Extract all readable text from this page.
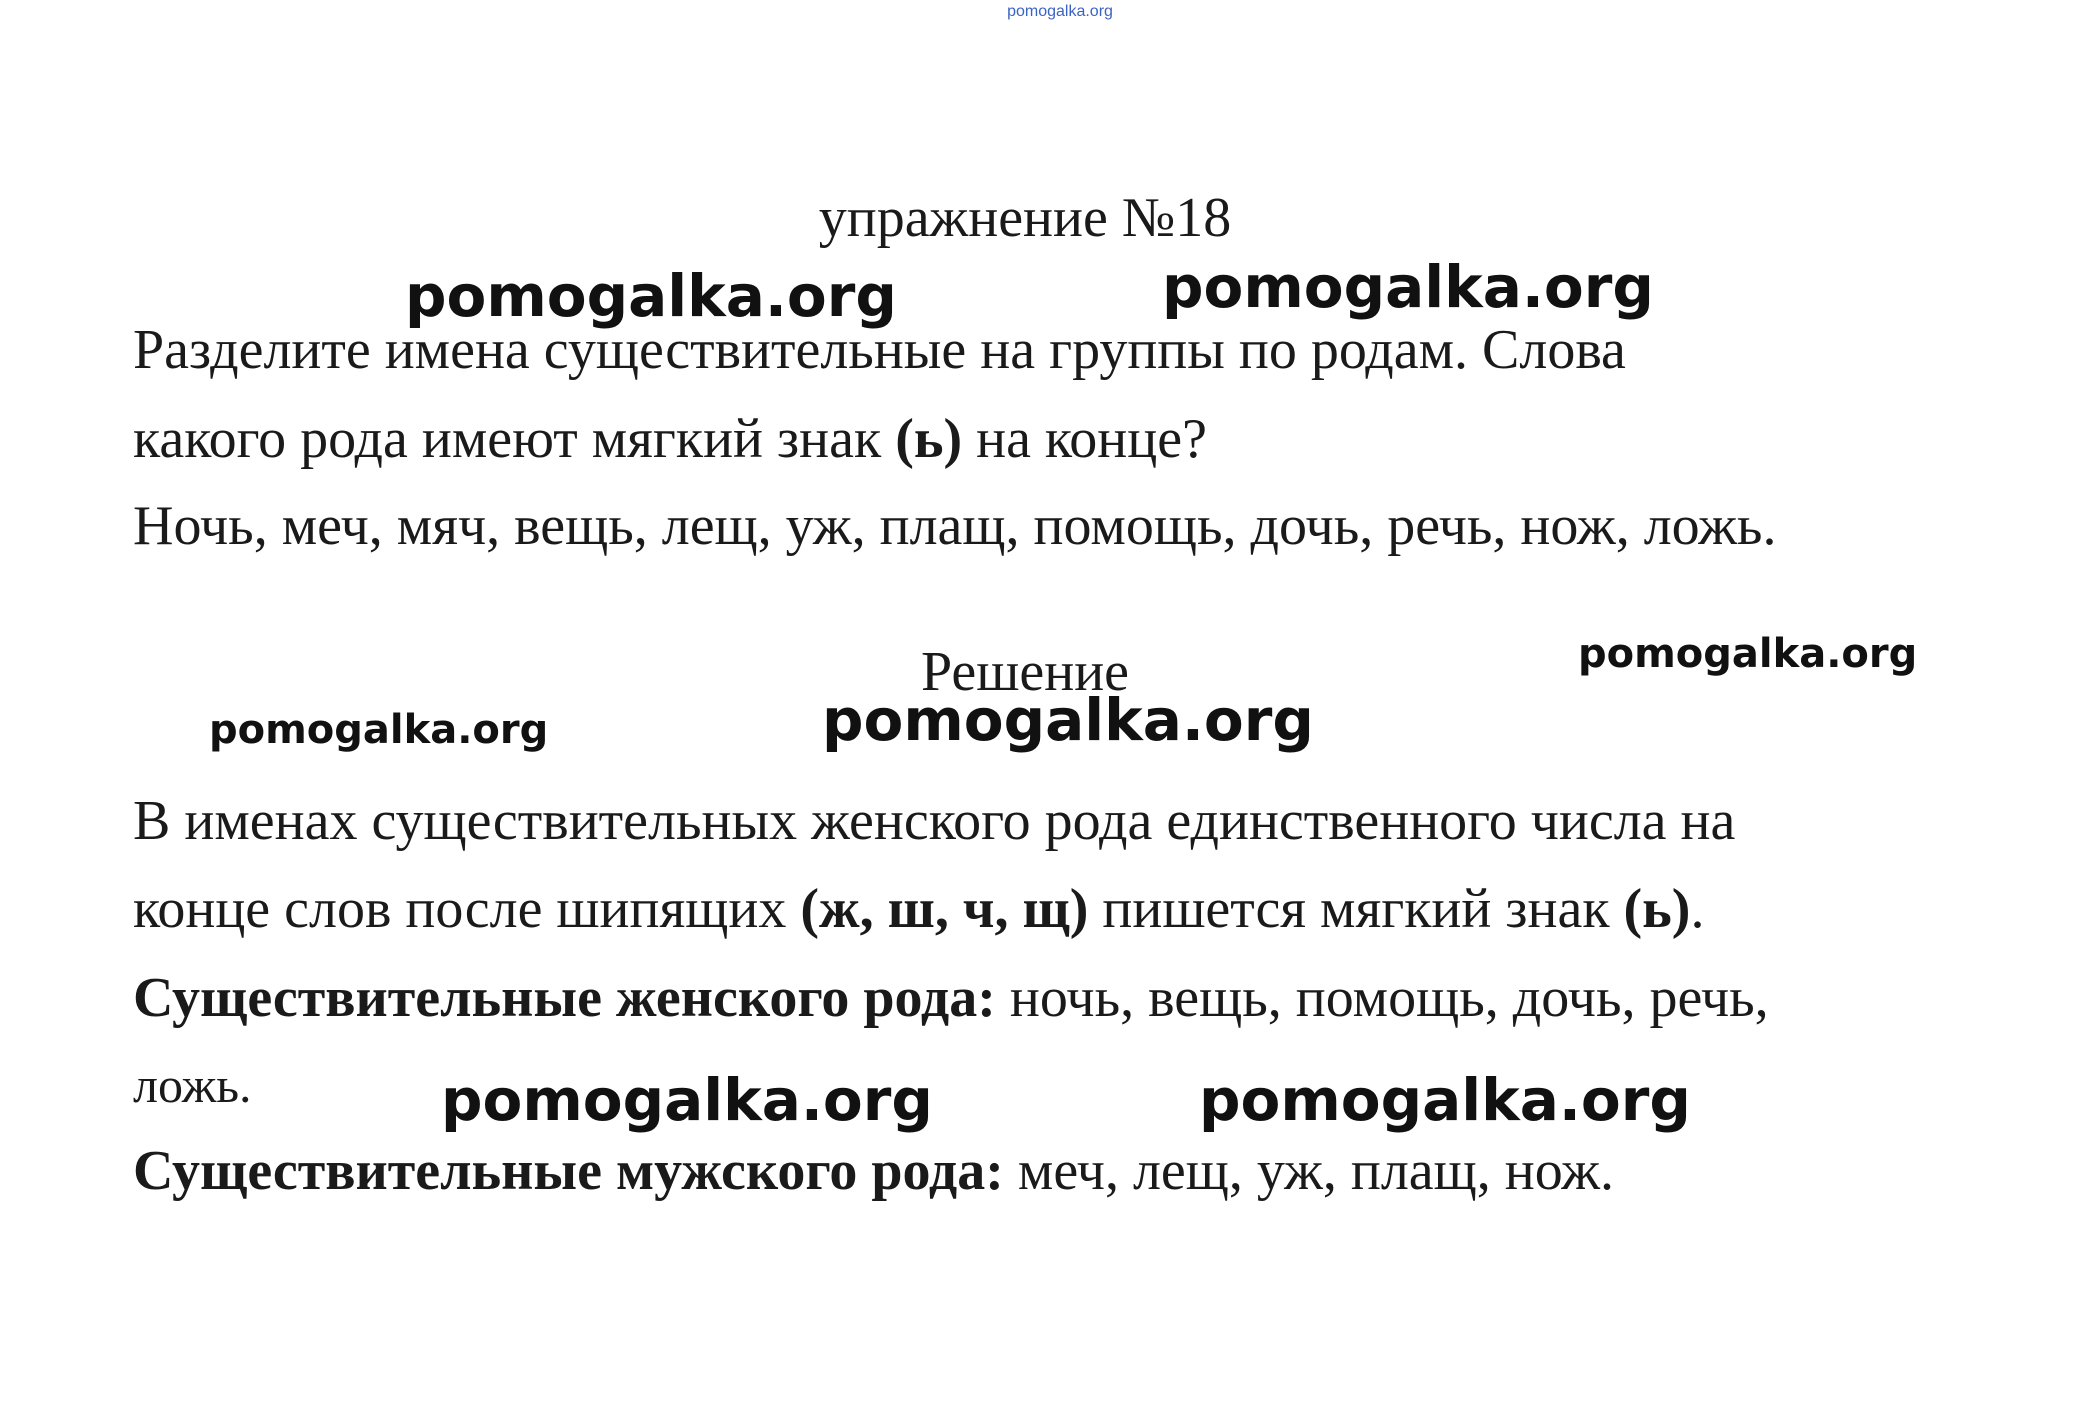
pomogalka.org
упражнение №18
Разделите имена существительные на группы по родам. Слова
какого рода имеют мягкий знак (ь) на конце?
Ночь, меч, мяч, вещь, лещ, уж, плащ, помощь, дочь, речь, нож, ложь.
Решение
В именах существительных женского рода единственного числа на
конце слов после шипящих (ж, ш, ч, щ) пишется мягкий знак (ь).
Существительные женского рода: ночь, вещь, помощь, дочь, речь,
ложь.
Существительные мужского рода: меч, лещ, уж, плащ, нож.
pomogalka.org	pomogalka.org
pomogalka.org
pomogalka.org	pomogalka.org
pomogalka.org	pomogalka.org
